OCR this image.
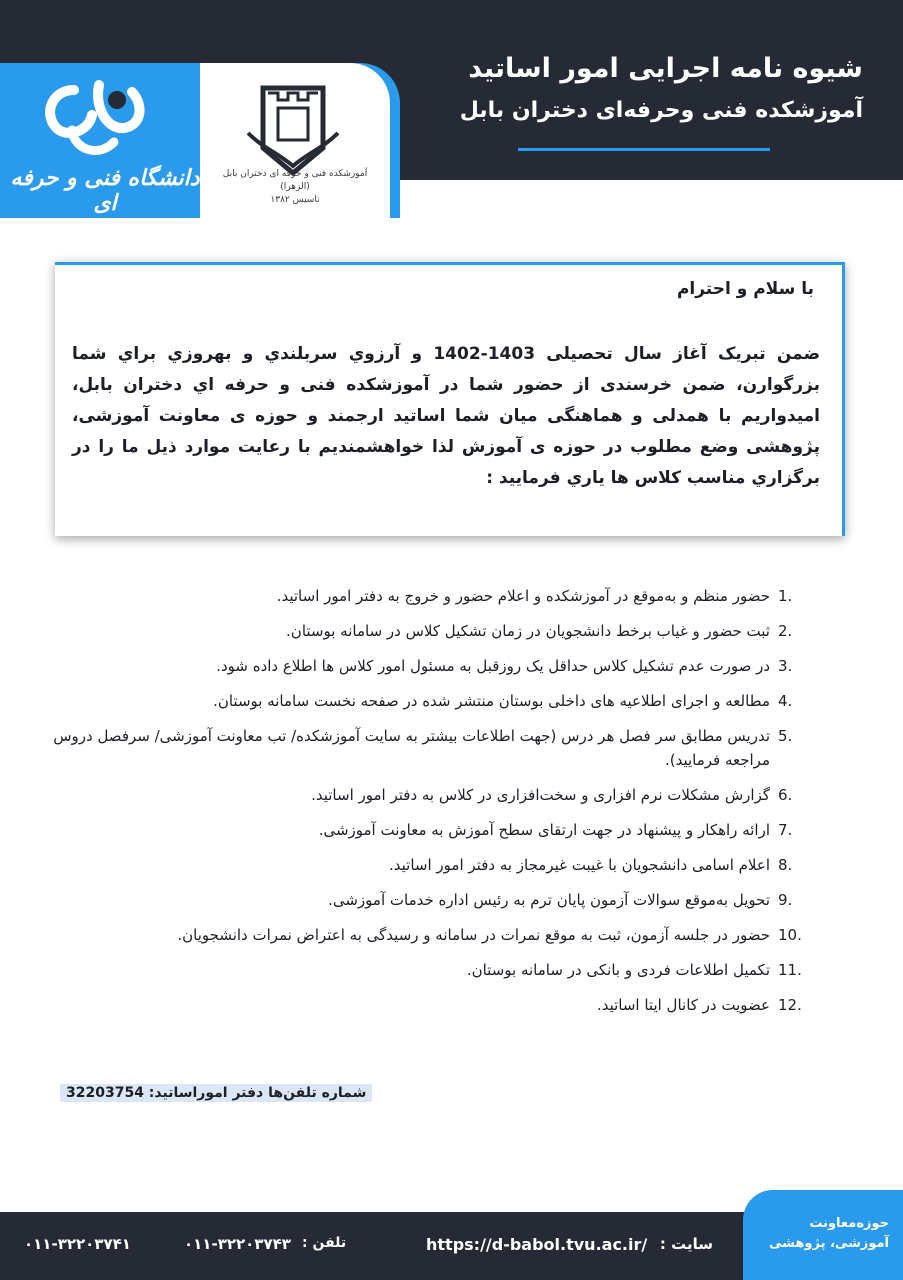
شیوه نامه اجرایی امور اساتید
آموزشکده فنی وحرفه‌ای دختران بابل
دانشگاه فنی و حرفه ای
آموزشکده فنی و حرفه ای دختران بابل (الزهرا)
تاسیس ۱۳۸۲
با سلام و احترام
ضمن تبریک آغاز سال تحصیلی 1403-1402 و آرزوي سربلندي و بهروزي براي شما بزرگوارن، ضمن خرسندی از حضور شما در آموزشکده فنی و حرفه اي دختران بابل، امیدواریم با همدلی و هماهنگی میان شما اساتید ارجمند و حوزه ی معاونت آموزشی، پژوهشی وضع مطلوب در حوزه ی آموزش لذا خواهشمندیم با رعایت موارد ذیل ما را در برگزاري مناسب کلاس ها یاري فرمایید :
1.
حضور منظم و به‌موقع در آموزشکده و اعلام حضور و خروج به دفتر امور اساتید.
2.
ثبت حضور و غیاب برخط دانشجویان در زمان تشکیل کلاس در سامانه بوستان.
3.
در صورت عدم تشکیل کلاس حداقل یک روزقبل به مسئول امور کلاس ها اطلاع داده شود.
4.
مطالعه و اجرای اطلاعیه های داخلی بوستان منتشر شده در صفحه نخست سامانه بوستان.
5.
تدریس مطابق سر فصل هر درس (جهت اطلاعات بیشتر به سایت آموزشکده/ تب معاونت آموزشی/ سرفصل دروس مراجعه فرمایید).
6.
گزارش مشکلات نرم افزاری و سخت‌افزاری در کلاس به دفتر امور اساتید.
7.
ارائه راهکار و پیشنهاد در جهت ارتقای سطح آموزش به معاونت آموزشی.
8.
اعلام اسامی دانشجویان با غیبت غیرمجاز به دفتر امور اساتید.
9.
تحویل به‌موقع سوالات آزمون پایان ترم به رئیس اداره خدمات آموزشی.
10.
حضور در جلسه آزمون، ثبت به موقع نمرات در سامانه و رسیدگی به اعتراض نمرات دانشجویان.
11.
تکمیل اطلاعات فردی و بانکی در سامانه بوستان.
12.
عضویت در کانال ایتا اساتید.
شماره تلفن‌ها دفتر اموراساتید: 32203754
حوزه‌معاونت
آموزشی، پژوهشی
سایت :
https://d-babol.tvu.ac.ir/
تلفن :
۰۱۱-۳۲۲۰۳۷۴۳
۰۱۱-۳۲۲۰۳۷۴۱
